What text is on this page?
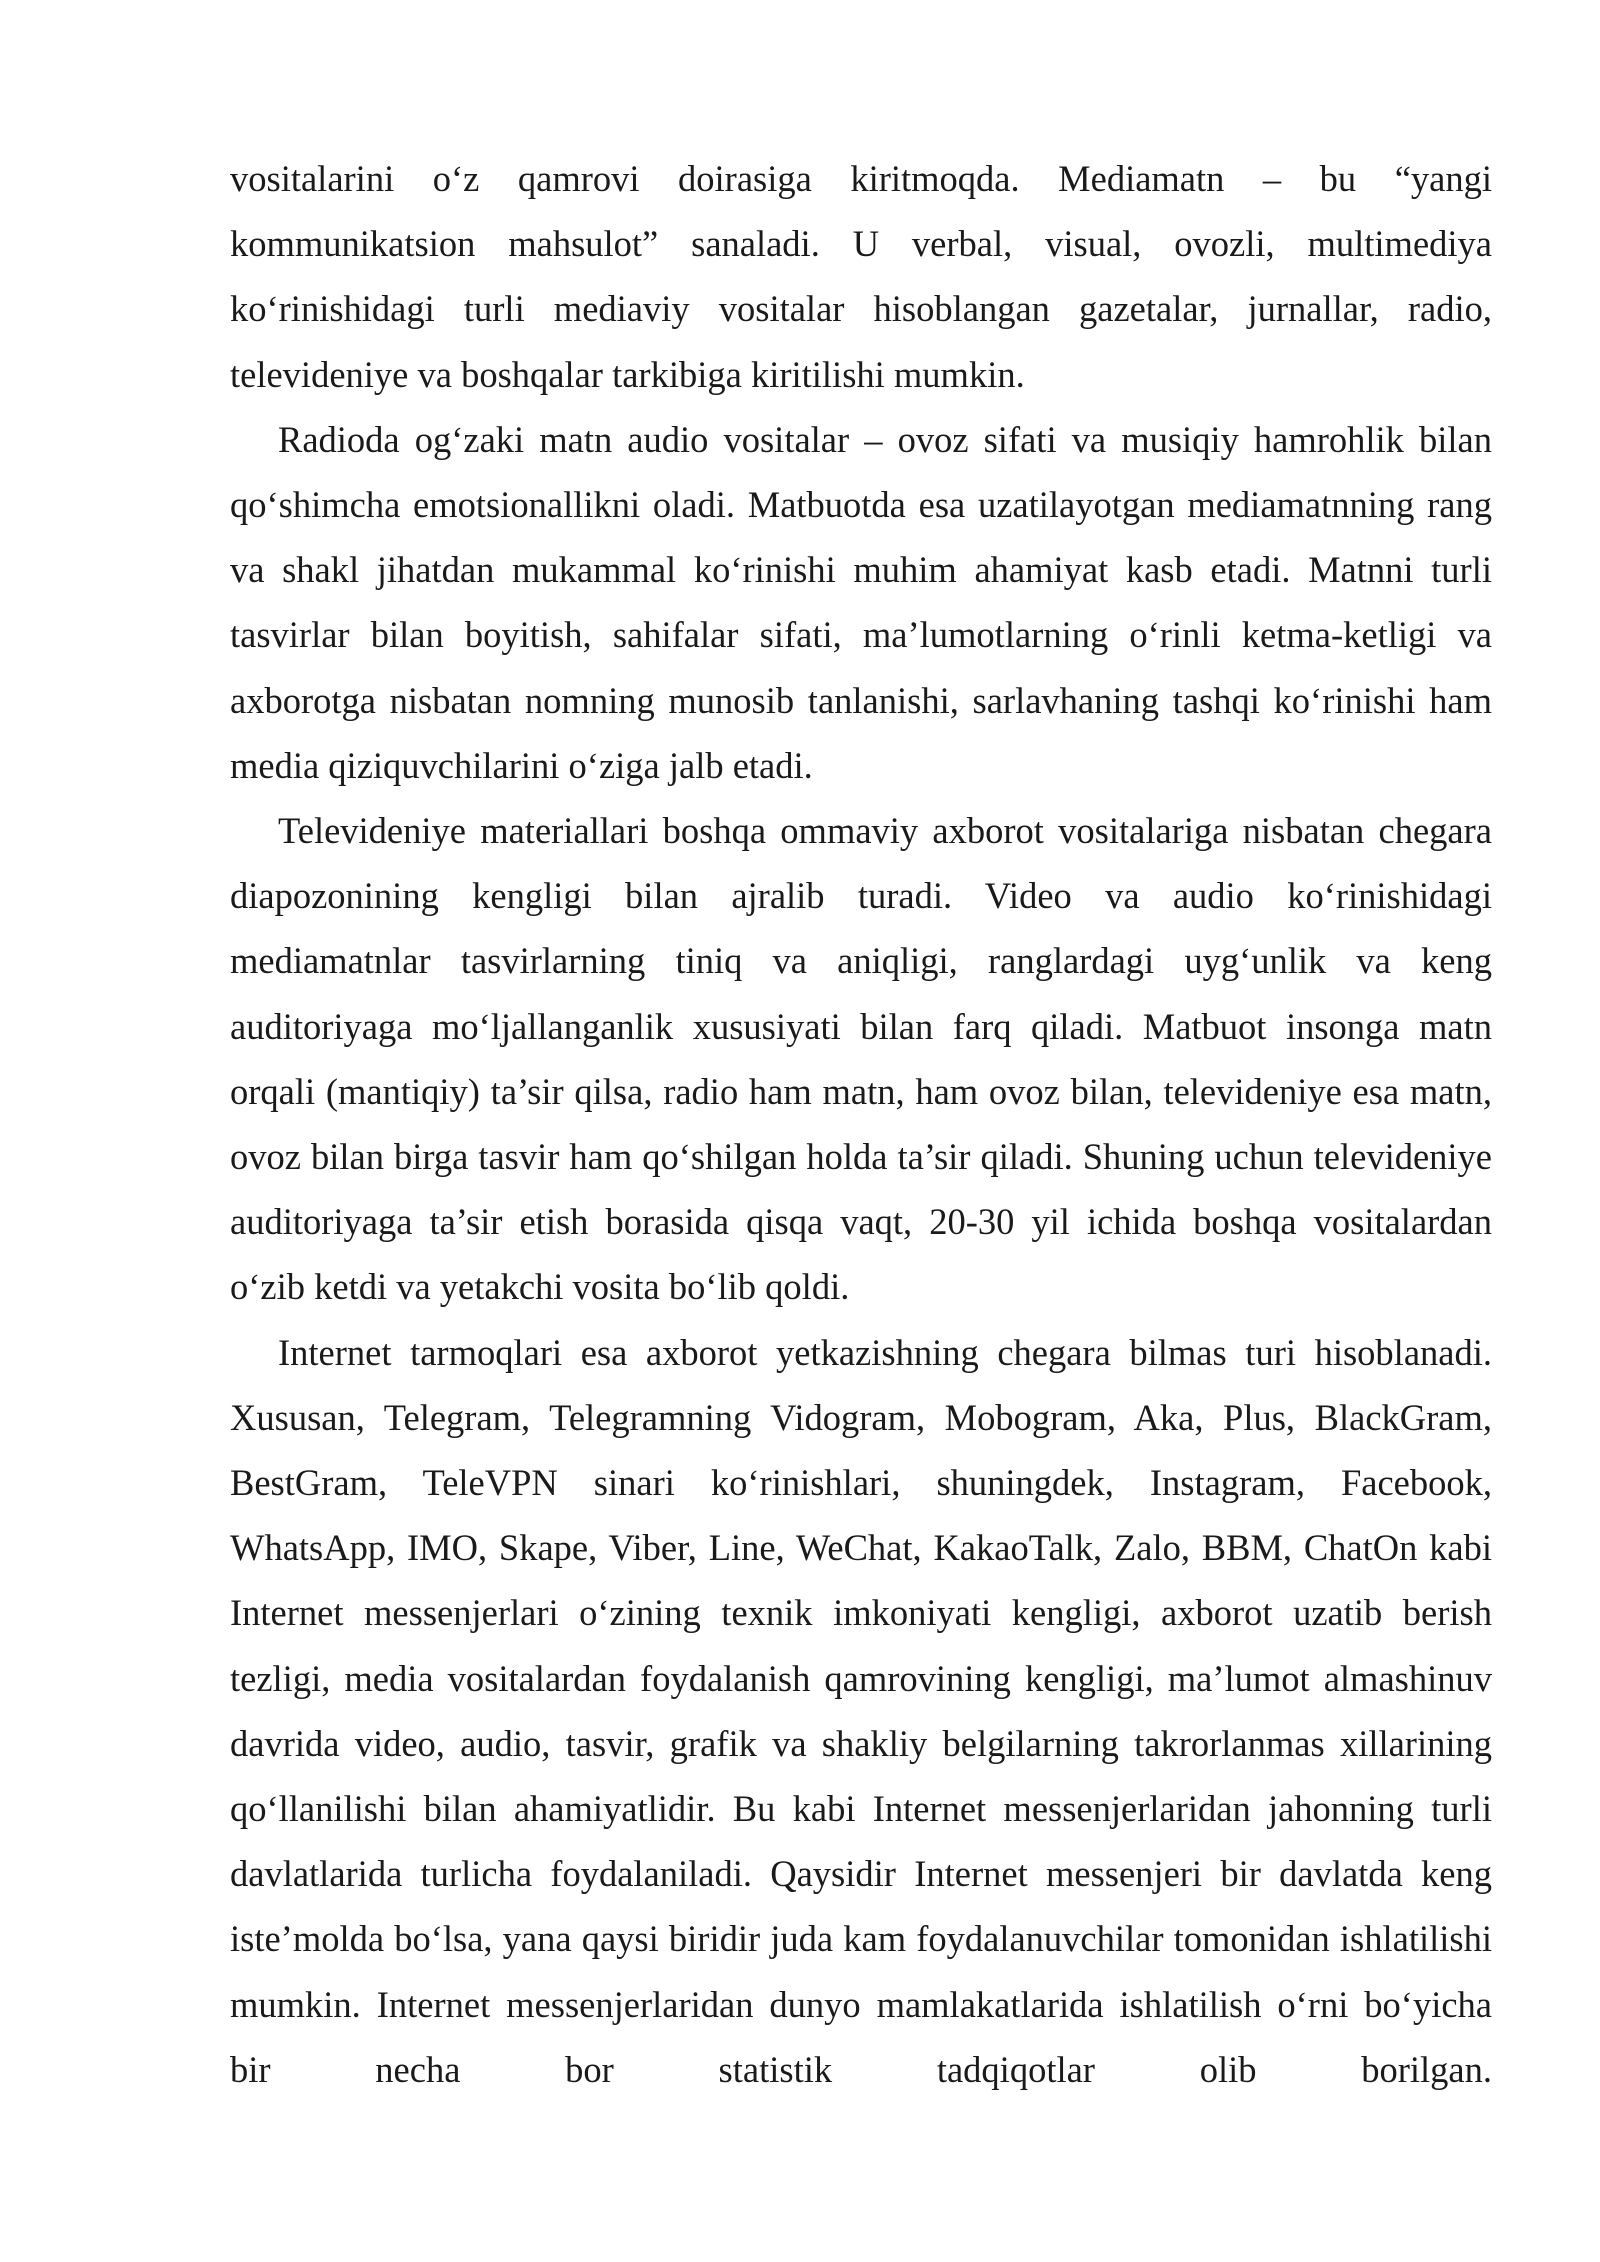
vositalarini o‘z qamrovi doirasiga kiritmoqda. Mediamatn – bu “yangi kommunikatsion mahsulot” sanaladi. U verbal, visual, ovozli, multimediya ko‘rinishidagi turli mediaviy vositalar hisoblangan gazetalar, jurnallar, radio, televideniye va boshqalar tarkibiga kiritilishi mumkin.

Radioda og‘zaki matn audio vositalar – ovoz sifati va musiqiy hamrohlik bilan qo‘shimcha emotsionallikni oladi. Matbuotda esa uzatilayotgan mediamatnning rang va shakl jihatdan mukammal ko‘rinishi muhim ahamiyat kasb etadi. Matnni turli tasvirlar bilan boyitish, sahifalar sifati, ma’lumotlarning o‘rinli ketma-ketligi va axborotga nisbatan nomning munosib tanlanishi, sarlavhaning tashqi ko‘rinishi ham media qiziquvchilarini o‘ziga jalb etadi.

Televideniye materiallari boshqa ommaviy axborot vositalariga nisbatan chegara diapozonining kengligi bilan ajralib turadi. Video va audio ko‘rinishidagi mediamatnlar tasvirlarning tiniq va aniqligi, ranglardagi uyg‘unlik va keng auditoriyaga mo‘ljallanganlik xususiyati bilan farq qiladi. Matbuot insonga matn orqali (mantiqiy) ta’sir qilsa, radio ham matn, ham ovoz bilan, televideniye esa matn, ovoz bilan birga tasvir ham qo‘shilgan holda ta’sir qiladi. Shuning uchun televideniye auditoriyaga ta’sir etish borasida qisqa vaqt, 20-30 yil ichida boshqa vositalardan o‘zib ketdi va yetakchi vosita bo‘lib qoldi.

Internet tarmoqlari esa axborot yetkazishning chegara bilmas turi hisoblanadi. Xususan, Telegram, Telegramning Vidogram, Mobogram, Aka, Plus, BlackGram, BestGram, TeleVPN sinari ko‘rinishlari, shuningdek, Instagram, Facebook, WhatsApp, IMO, Skape, Viber, Line, WeChat, KakaoTalk, Zalo, BBM, ChatOn kabi Internet messenjerlari o‘zining texnik imkoniyati kengligi, axborot uzatib berish tezligi, media vositalardan foydalanish qamrovining kengligi, ma’lumot almashinuv davrida video, audio, tasvir, grafik va shakliy belgilarning takrorlanmas xillarining qo‘llanilishi bilan ahamiyatlidir. Bu kabi Internet messenjerlaridan jahonning turli davlatlarida turlicha foydalaniladi. Qaysidir Internet messenjeri bir davlatda keng iste’molda bo‘lsa, yana qaysi biridir juda kam foydalanuvchilar tomonidan ishlatilishi mumkin. Internet messenjerlaridan dunyo mamlakatlarida ishlatilish o‘rni bo‘yicha bir necha bor statistik tadqiqotlar olib borilgan.
